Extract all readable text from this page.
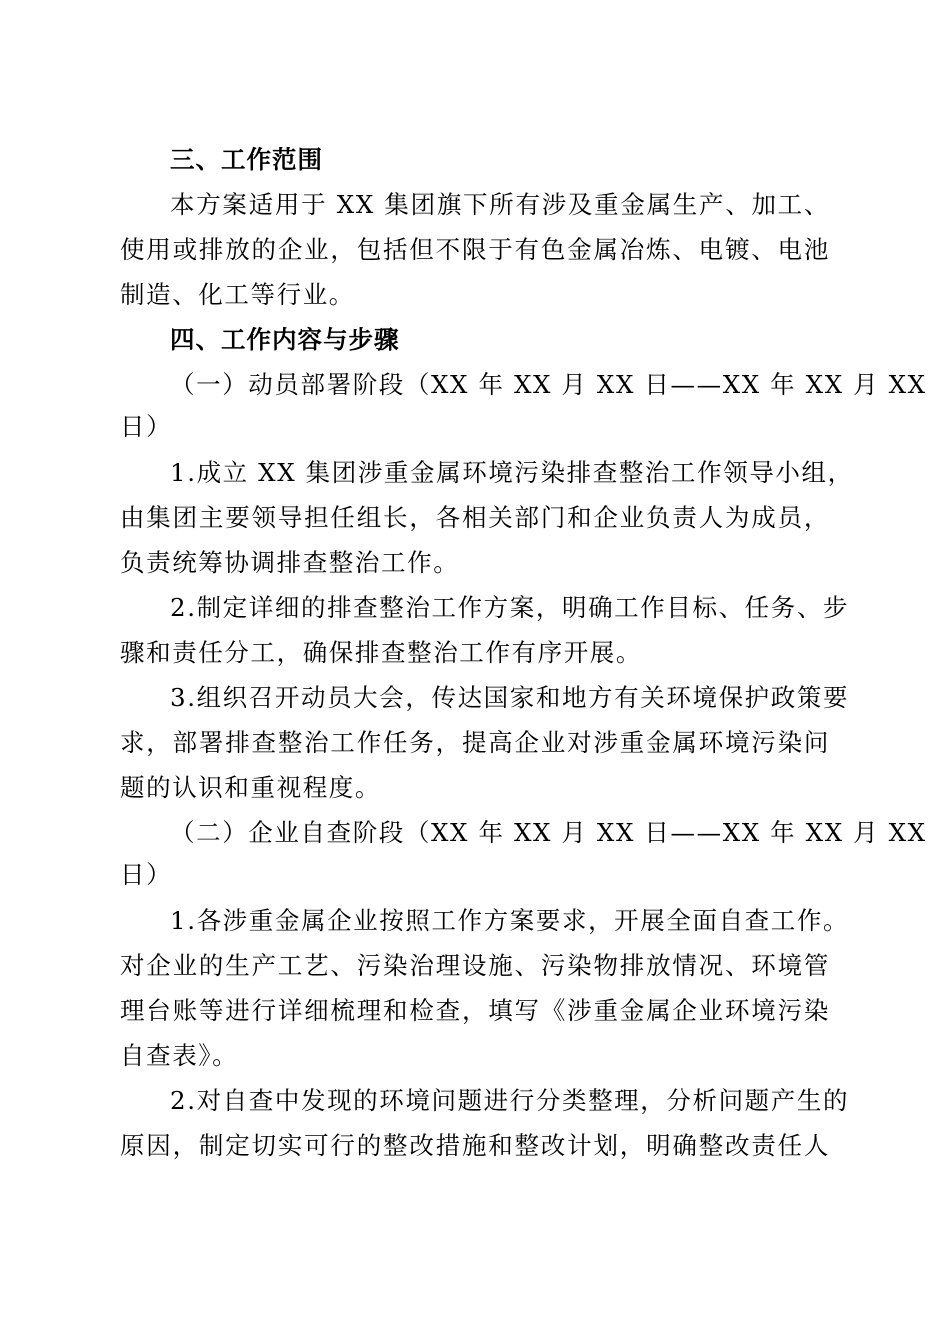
三、工作范围
本方案适用于 XX 集团旗下所有涉及重金属生产、加工、
使用或排放的企业，包括但不限于有色金属冶炼、电镀、电池
制造、化工等行业。
四、工作内容与步骤
（一）动员部署阶段（XX 年 XX 月 XX 日——XX 年 XX 月 XX
日）
1.成立 XX 集团涉重金属环境污染排查整治工作领导小组，
由集团主要领导担任组长，各相关部门和企业负责人为成员，
负责统筹协调排查整治工作。
2.制定详细的排查整治工作方案，明确工作目标、任务、步
骤和责任分工，确保排查整治工作有序开展。
3.组织召开动员大会，传达国家和地方有关环境保护政策要
求，部署排查整治工作任务，提高企业对涉重金属环境污染问
题的认识和重视程度。
（二）企业自查阶段（XX 年 XX 月 XX 日——XX 年 XX 月 XX
日）
1.各涉重金属企业按照工作方案要求，开展全面自查工作。
对企业的生产工艺、污染治理设施、污染物排放情况、环境管
理台账等进行详细梳理和检查，填写《涉重金属企业环境污染
自查表》。
2.对自查中发现的环境问题进行分类整理，分析问题产生的
原因，制定切实可行的整改措施和整改计划，明确整改责任人
